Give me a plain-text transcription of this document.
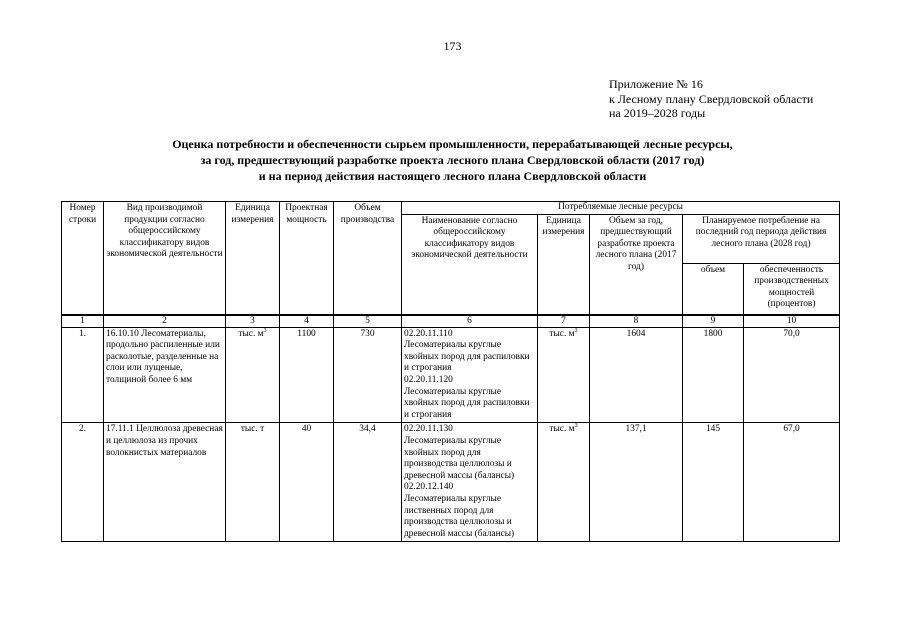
173
Приложение № 16
к Лесному плану Свердловской области
на 2019–2028 годы
Оценка потребности и обеспеченности сырьем промышленности, перерабатывающей лесные ресурсы,
за год, предшествующий разработке проекта лесного плана Свердловской области (2017 год)
и на период действия настоящего лесного плана Свердловской области
Номер строки	Вид производимой продукции согласно общероссийскому классификатору видов экономической деятельности	Единица измерения	Проектная мощность	Объем производства	Потребляемые лесные ресурсы				
					Наименование согласно общероссийскому классификатору видов экономической деятельности	Единица измерения	Объем за год, предшествующий разработке проекта лесного плана (2017 год)	Планируемое потребление на последний год периода действия лесного плана (2028 год)	
								объем	обеспеченность производственных мощностей (процентов)
1	2	3	4	5	6	7	8	9	10
1.	16.10.10 Лесоматериалы, продольно распиленные или расколотые, разделенные на слои или лущеные, толщиной более 6 мм	тыс. $м^3$	1100	730	02.20.11.110
Лесоматериалы круглые хвойных пород для распиловки и строгания
02.20.11.120
Лесоматериалы круглые хвойных пород для распиловки и строгания	тыс. $м^3$	1604	1800	70,0
2.	17.11.1 Целлюлоза древесная и целлюлоза из прочих волокнистых материалов	тыс. т	40	34,4	02.20.11.130
Лесоматериалы круглые хвойных пород для производства целлюлозы и древесной массы (балансы)
02.20.12.140
Лесоматериалы круглые лиственных пород для производства целлюлозы и древесной массы (балансы)	тыс. $м^3$	137,1	145	67,0
